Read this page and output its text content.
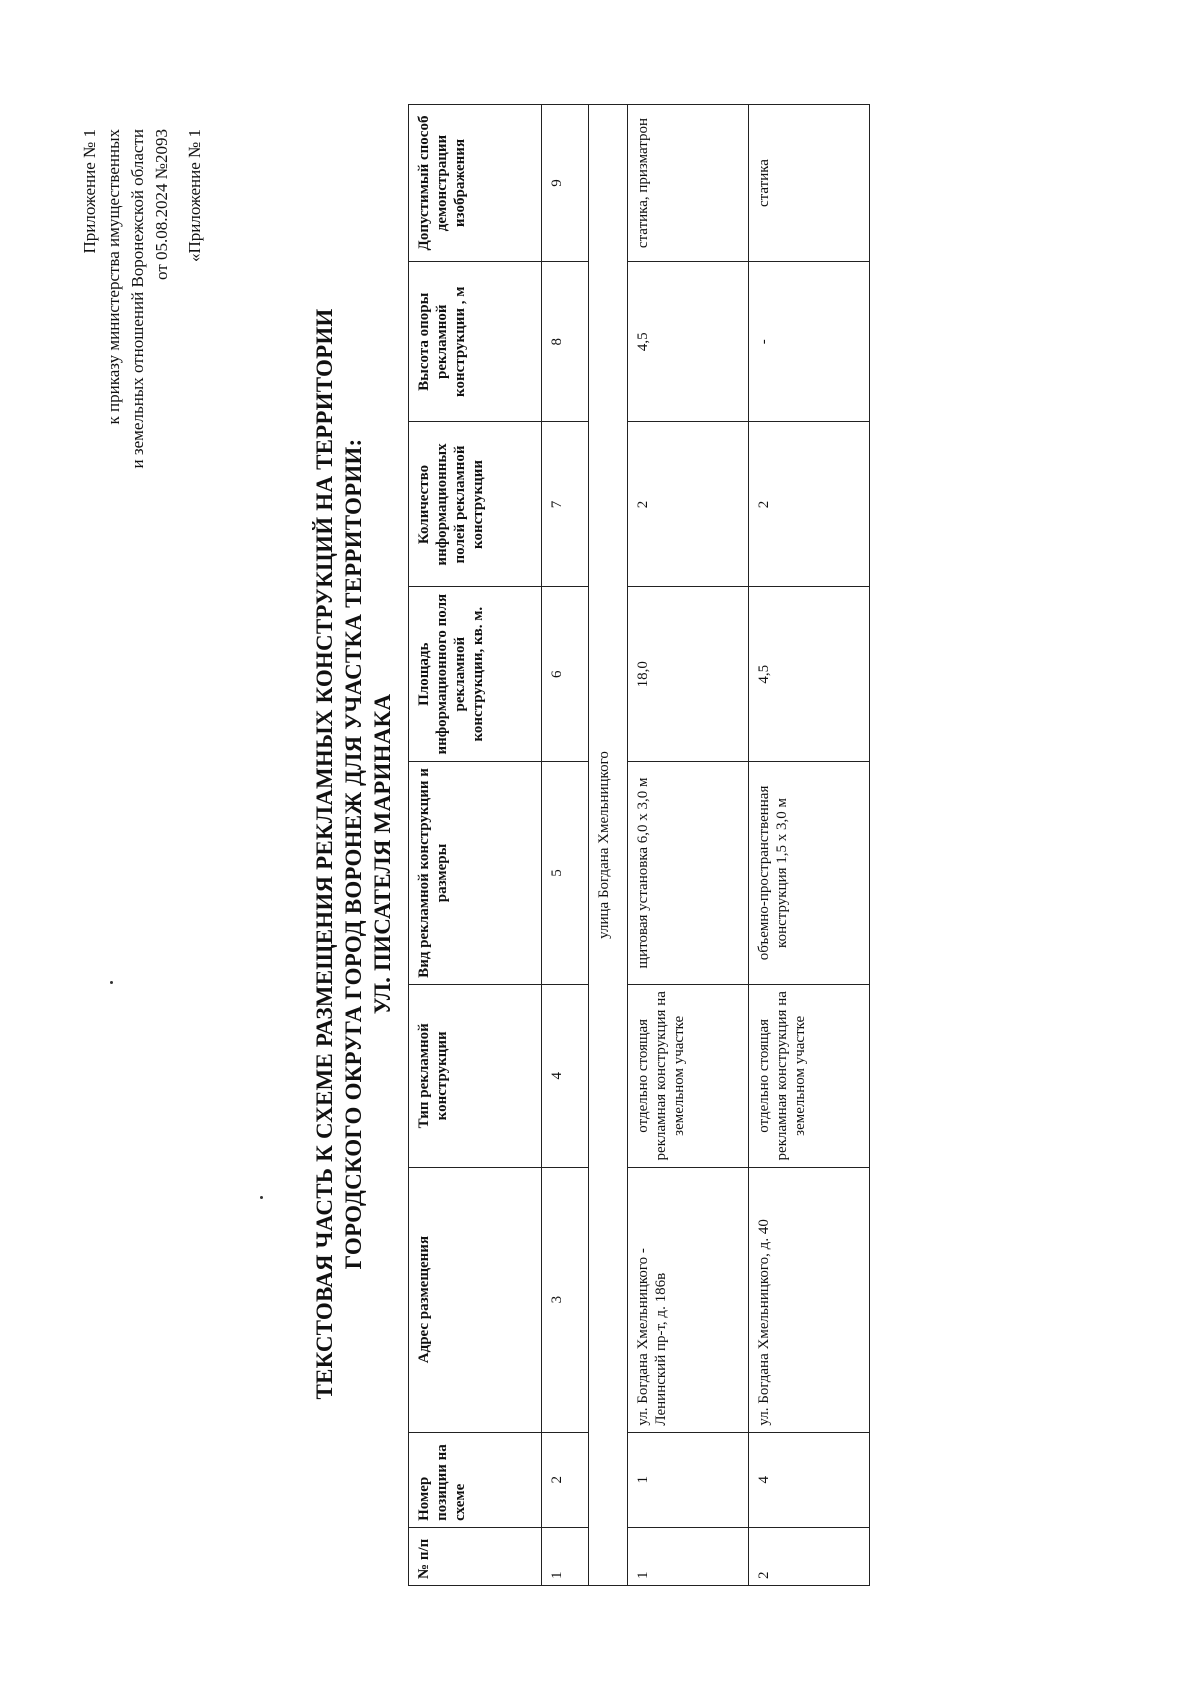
Приложение № 1 к приказу министерства имущественных и земельных отношений Воронежской области от 05.08.2024 №2093 «Приложение № 1
ТЕКСТОВАЯ ЧАСТЬ К СХЕМЕ РАЗМЕЩЕНИЯ РЕКЛАМНЫХ КОНСТРУКЦИЙ НА ТЕРРИТОРИИ ГОРОДСКОГО ОКРУГА ГОРОД ВОРОНЕЖ ДЛЯ УЧАСТКА ТЕРРИТОРИИ: УЛ. ПИСАТЕЛЯ МАРИНАКА
№ п/п	Номер позиции на схеме	Адрес размещения	Тип рекламной конструкции	Вид рекламной конструкции и размеры	Площадь информационного поля рекламной конструкции, кв. м.	Количество информационных полей рекламной конструкции	Высота опоры рекламной конструкции , м	Допустимый способ демонстрации изображения
1	2	3	4	5	6	7	8	9
улица Богдана Хмельницкого								
1	1	ул. Богдана Хмельницкого - Ленинский пр-т, д. 186в	отдельно стоящая рекламная конструкция на земельном участке	щитовая установка 6,0 х 3,0 м	18,0	2	4,5	статика, призматрон
2	4	ул. Богдана Хмельницкого, д. 40	отдельно стоящая рекламная конструкция на земельном участке	объемно-пространственная конструкция 1,5 х 3,0 м	4,5	2	-	статика
